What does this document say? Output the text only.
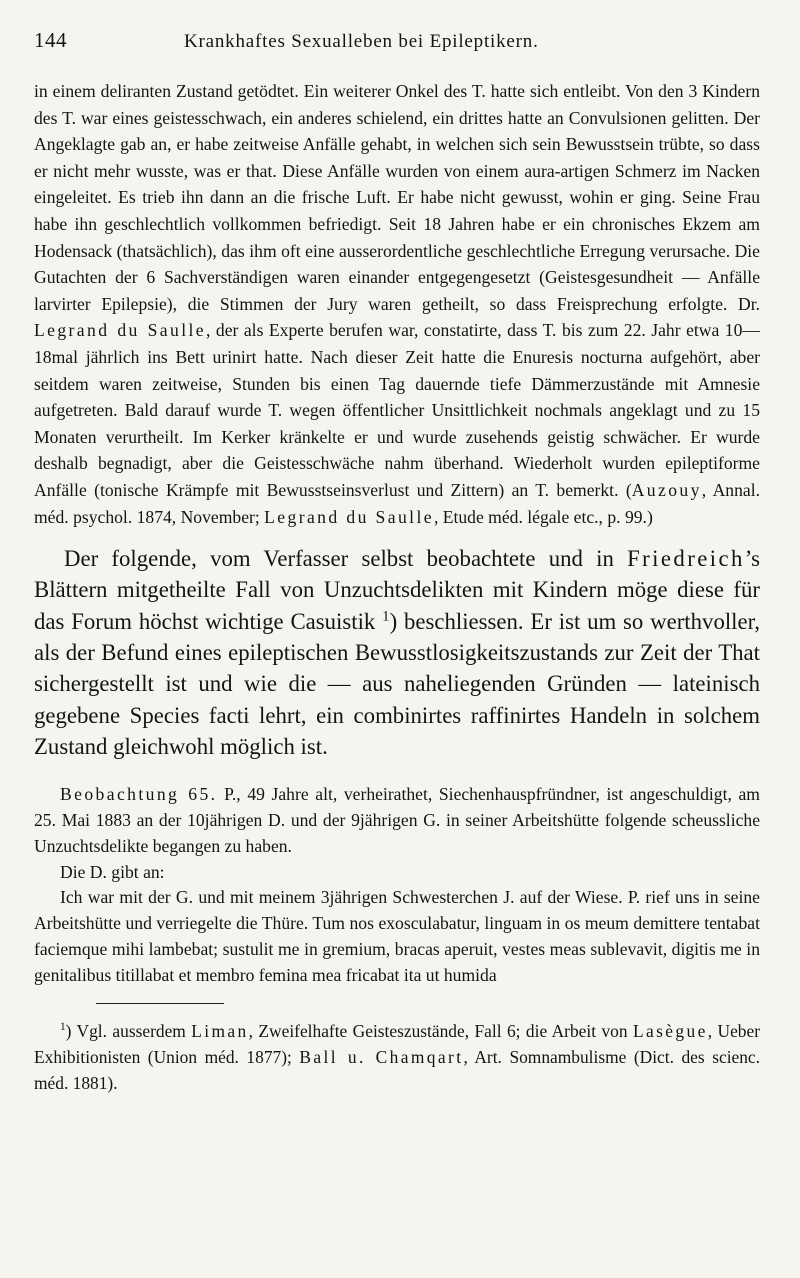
144	Krankhaftes Sexualleben bei Epileptikern.

in einem deliranten Zustand getödtet. Ein weiterer Onkel des T. hatte sich entleibt. Von den 3 Kindern des T. war eines geistesschwach, ein anderes schielend, ein drittes hatte an Convulsionen gelitten. Der Angeklagte gab an, er habe zeitweise Anfälle gehabt, in welchen sich sein Bewusstsein trübte, so dass er nicht mehr wusste, was er that. Diese Anfälle wurden von einem aura-artigen Schmerz im Nacken eingeleitet. Es trieb ihn dann an die frische Luft. Er habe nicht gewusst, wohin er ging. Seine Frau habe ihn geschlechtlich vollkommen befriedigt. Seit 18 Jahren habe er ein chronisches Ekzem am Hodensack (thatsächlich), das ihm oft eine ausserordentliche geschlechtliche Erregung verursache. Die Gutachten der 6 Sachverständigen waren einander entgegengesetzt (Geistesgesundheit — Anfälle larvirter Epilepsie), die Stimmen der Jury waren getheilt, so dass Freisprechung erfolgte. Dr. Legrand du Saulle, der als Experte berufen war, constatirte, dass T. bis zum 22. Jahr etwa 10—18mal jährlich ins Bett urinirt hatte. Nach dieser Zeit hatte die Enuresis nocturna aufgehört, aber seitdem waren zeitweise, Stunden bis einen Tag dauernde tiefe Dämmerzustände mit Amnesie aufgetreten. Bald darauf wurde T. wegen öffentlicher Unsittlichkeit nochmals angeklagt und zu 15 Monaten verurtheilt. Im Kerker kränkelte er und wurde zusehends geistig schwächer. Er wurde deshalb begnadigt, aber die Geistesschwäche nahm überhand. Wiederholt wurden epileptiforme Anfälle (tonische Krämpfe mit Bewusstseinsverlust und Zittern) an T. bemerkt. (Auzouy, Annal. méd. psychol. 1874, November; Legrand du Saulle, Etude méd. légale etc., p. 99.)

Der folgende, vom Verfasser selbst beobachtete und in Friedreich’s Blättern mitgetheilte Fall von Unzuchtsdelikten mit Kindern möge diese für das Forum höchst wichtige Casuistik $^1$) beschliessen. Er ist um so werthvoller, als der Befund eines epileptischen Bewusstlosigkeitszustands zur Zeit der That sichergestellt ist und wie die — aus naheliegenden Gründen — lateinisch gegebene Species facti lehrt, ein combinirtes raffinirtes Handeln in solchem Zustand gleichwohl möglich ist.

Beobachtung 65. P., 49 Jahre alt, verheirathet, Siechenhauspfründner, ist angeschuldigt, am 25. Mai 1883 an der 10jährigen D. und der 9jährigen G. in seiner Arbeitshütte folgende scheussliche Unzuchtsdelikte begangen zu haben.

Die D. gibt an:

Ich war mit der G. und mit meinem 3jährigen Schwesterchen J. auf der Wiese. P. rief uns in seine Arbeitshütte und verriegelte die Thüre. Tum nos exosculabatur, linguam in os meum demittere tentabat faciemque mihi lambebat; sustulit me in gremium, bracas aperuit, vestes meas sublevavit, digitis me in genitalibus titillabat et membro femina mea fricabat ita ut humida

$^1$) Vgl. ausserdem Liman, Zweifelhafte Geisteszustände, Fall 6; die Arbeit von Lasègue, Ueber Exhibitionisten (Union méd. 1877); Ball u. Chamqart, Art. Somnambulisme (Dict. des scienc. méd. 1881).
